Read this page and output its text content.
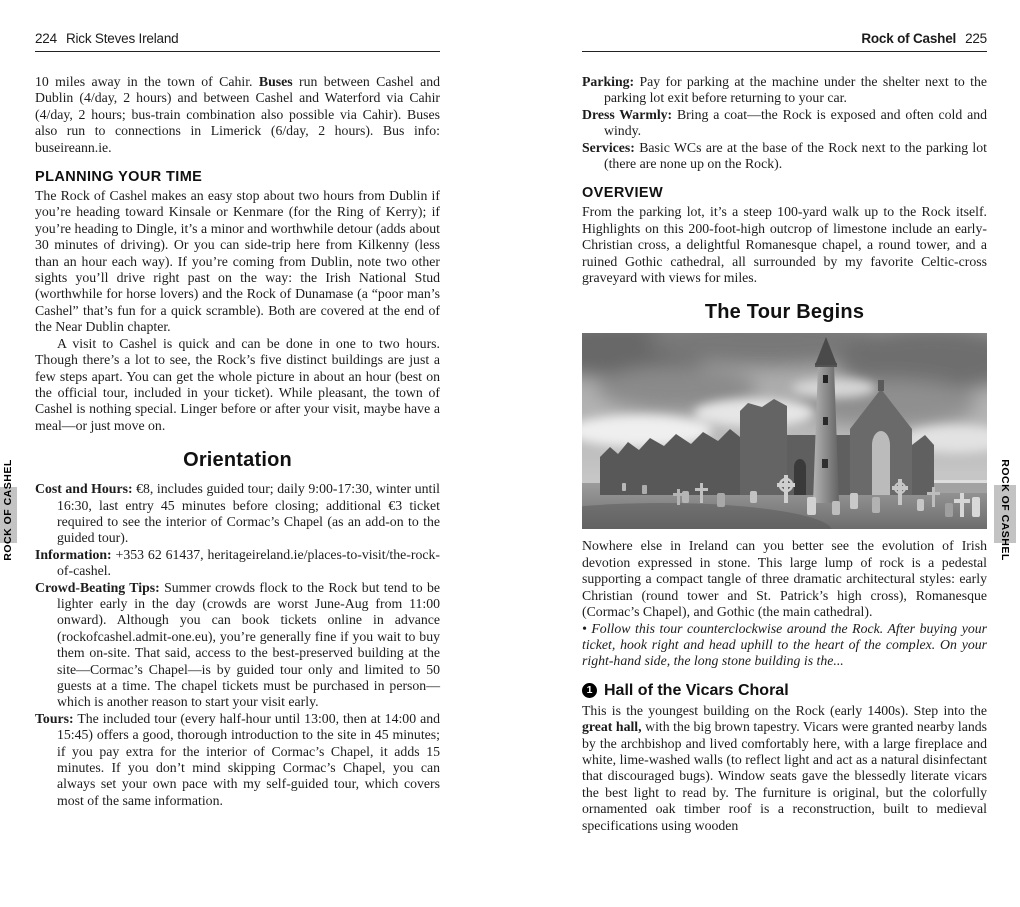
ROCK OF CASHEL	ROCK OF CASHEL
224 Rick Steves Ireland

10 miles away in the town of Cahir. Buses run between Cashel and Dublin (4/day, 2 hours) and between Cashel and Waterford via Cahir (4/day, 2 hours; bus-train combination also possible via Cahir). Buses also run to connections in Limerick (6/day, 2 hours). Bus info: buseireann.ie.

PLANNING YOUR TIME

The Rock of Cashel makes an easy stop about two hours from Dublin if you’re heading toward Kinsale or Kenmare (for the Ring of Kerry); if you’re heading to Dingle, it’s a minor and worthwhile detour (adds about 30 minutes of driving). Or you can side-trip here from Kilkenny (less than an hour each way). If you’re coming from Dublin, note two other sights you’ll drive right past on the way: the Irish National Stud (worthwhile for horse lovers) and the Rock of Dunamase (a “poor man’s Cashel” that’s fun for a quick scramble). Both are covered at the end of the Near Dublin chapter.

A visit to Cashel is quick and can be done in one to two hours. Though there’s a lot to see, the Rock’s five distinct buildings are just a few steps apart. You can get the whole picture in about an hour (best on the official tour, included in your ticket). While pleasant, the town of Cashel is nothing special. Linger before or after your visit, maybe have a meal—or just move on.

Orientation

Cost and Hours: €8, includes guided tour; daily 9:00-17:30, winter until 16:30, last entry 45 minutes before closing; additional €3 ticket required to see the interior of Cormac’s Chapel (as an add-on to the guided tour).

Information: +353 62 61437, heritageireland.ie/places-to-visit/the-rock-of-cashel.

Crowd-Beating Tips: Summer crowds flock to the Rock but tend to be lighter early in the day (crowds are worst June-Aug from 11:00 onward). Although you can book tickets online in advance (rockofcashel.admit-one.eu), you’re generally fine if you wait to buy them on-site. That said, access to the best-preserved building at the site—Cormac’s Chapel—is by guided tour only and limited to 50 guests at a time. The chapel tickets must be purchased in person—which is another reason to start your visit early.

Tours: The included tour (every half-hour until 13:00, then at 14:00 and 15:45) offers a good, thorough introduction to the site in 45 minutes; if you pay extra for the interior of Cormac’s Chapel, it adds 15 minutes. If you don’t mind skipping Cormac’s Chapel, you can always set your own pace with my self-guided tour, which covers most of the same information.

Rock of Cashel 225

Parking: Pay for parking at the machine under the shelter next to the parking lot exit before returning to your car.

Dress Warmly: Bring a coat—the Rock is exposed and often cold and windy.

Services: Basic WCs are at the base of the Rock next to the parking lot (there are none up on the Rock).

OVERVIEW

From the parking lot, it’s a steep 100-yard walk up to the Rock itself. Highlights on this 200-foot-high outcrop of limestone include an early-Christian cross, a delightful Romanesque chapel, a round tower, and a ruined Gothic cathedral, all surrounded by my favorite Celtic-cross graveyard with views for miles.

The Tour Begins

Nowhere else in Ireland can you better see the evolution of Irish devotion expressed in stone. This large lump of rock is a pedestal supporting a compact tangle of three dramatic architectural styles: early Christian (round tower and St. Patrick’s high cross), Romanesque (Cormac’s Chapel), and Gothic (the main cathedral).

• Follow this tour counterclockwise around the Rock. After buying your ticket, hook right and head uphill to the heart of the complex. On your right-hand side, the long stone building is the...

1 Hall of the Vicars Choral

This is the youngest building on the Rock (early 1400s). Step into the great hall, with the big brown tapestry. Vicars were granted nearby lands by the archbishop and lived comfortably here, with a large fireplace and white, lime-washed walls (to reflect light and act as a natural disinfectant that discouraged bugs). Window seats gave the blessedly literate vicars the best light to read by. The furniture is original, but the colorfully ornamented oak timber roof is a reconstruction, built to medieval specifications using wooden
